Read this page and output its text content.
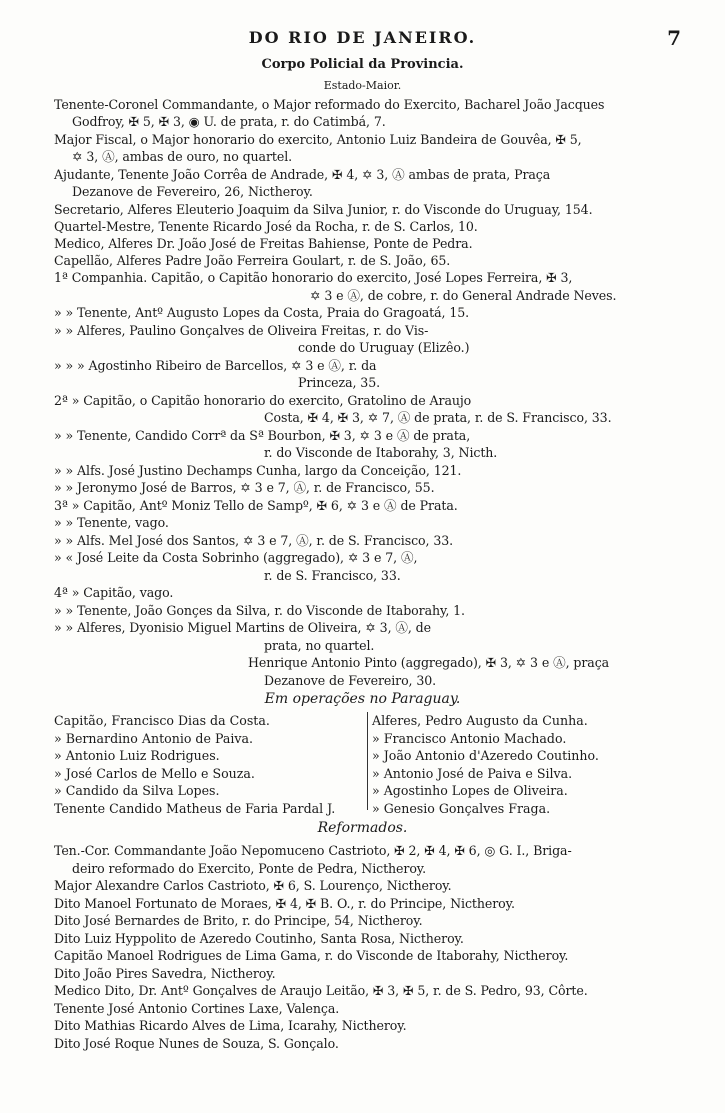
DO RIO DE JANEIRO.	7
Corpo Policial da Provincia.
Estado-Maior.
Tenente-Coronel Commandante, o Major reformado do Exercito, Bacharel João Jacques
Godfroy, ✠ 5, ✠ 3, ◉ U. de prata, r. do Catimbá, 7.
Major Fiscal, o Major honorario do exercito, Antonio Luiz Bandeira de Gouvêa, ✠ 5,
✡ 3, Ⓐ, ambas de ouro, no quartel.
Ajudante, Tenente João Corrêa de Andrade, ✠ 4, ✡ 3, Ⓐ ambas de prata, Praça
Dezanove de Fevereiro, 26, Nictheroy.
Secretario, Alferes Eleuterio Joaquim da Silva Junior, r. do Visconde do Uruguay, 154.
Quartel-Mestre, Tenente Ricardo José da Rocha, r. de S. Carlos, 10.
Medico, Alferes Dr. João José de Freitas Bahiense, Ponte de Pedra.
Capellão, Alferes Padre João Ferreira Goulart, r. de S. João, 65.
1ª Companhia. Capitão, o Capitão honorario do exercito, José Lopes Ferreira, ✠ 3,
✡ 3 e Ⓐ, de cobre, r. do General Andrade Neves.
» » Tenente, Antº Augusto Lopes da Costa, Praia do Gragoatá, 15.
» » Alferes, Paulino Gonçalves de Oliveira Freitas, r. do Vis-
conde do Uruguay (Elizêo.)
» » » Agostinho Ribeiro de Barcellos, ✡ 3 e Ⓐ, r. da
Princeza, 35.
2ª » Capitão, o Capitão honorario do exercito, Gratolino de Araujo
Costa, ✠ 4, ✠ 3, ✡ 7, Ⓐ de prata, r. de S. Francisco, 33.
» » Tenente, Candido Corrª da Sª Bourbon, ✠ 3, ✡ 3 e Ⓐ de prata,
r. do Visconde de Itaborahy, 3, Nicth.
» » Alfs. José Justino Dechamps Cunha, largo da Conceição, 121.
» » Jeronymo José de Barros, ✡ 3 e 7, Ⓐ, r. de Francisco, 55.
3ª » Capitão, Antº Moniz Tello de Sampº, ✠ 6, ✡ 3 e Ⓐ de Prata.
» » Tenente, vago.
» » Alfs. Mel José dos Santos, ✡ 3 e 7, Ⓐ, r. de S. Francisco, 33.
» « José Leite da Costa Sobrinho (aggregado), ✡ 3 e 7, Ⓐ,
r. de S. Francisco, 33.
4ª » Capitão, vago.
» » Tenente, João Gonçes da Silva, r. do Visconde de Itaborahy, 1.
» » Alferes, Dyonisio Miguel Martins de Oliveira, ✡ 3, Ⓐ, de
prata, no quartel.
Henrique Antonio Pinto (aggregado), ✠ 3, ✡ 3 e Ⓐ, praça
Dezanove de Fevereiro, 30.
Em operações no Paraguay.
Capitão, Francisco Dias da Costa.
» Bernardino Antonio de Paiva.
» Antonio Luiz Rodrigues.
» José Carlos de Mello e Souza.
» Candido da Silva Lopes.
Tenente Candido Matheus de Faria Pardal J.
Alferes, Pedro Augusto da Cunha.
» Francisco Antonio Machado.
» João Antonio d'Azeredo Coutinho.
» Antonio José de Paiva e Silva.
» Agostinho Lopes de Oliveira.
» Genesio Gonçalves Fraga.
Reformados.
Ten.-Cor. Commandante João Nepomuceno Castrioto, ✠ 2, ✠ 4, ✠ 6, ◎ G. I., Briga-
deiro reformado do Exercito, Ponte de Pedra, Nictheroy.
Major Alexandre Carlos Castrioto, ✠ 6, S. Lourenço, Nictheroy.
Dito Manoel Fortunato de Moraes, ✠ 4, ✠ B. O., r. do Principe, Nictheroy.
Dito José Bernardes de Brito, r. do Principe, 54, Nictheroy.
Dito Luiz Hyppolito de Azeredo Coutinho, Santa Rosa, Nictheroy.
Capitão Manoel Rodrigues de Lima Gama, r. do Visconde de Itaborahy, Nictheroy.
Dito João Pires Savedra, Nictheroy.
Medico Dito, Dr. Antº Gonçalves de Araujo Leitão, ✠ 3, ✠ 5, r. de S. Pedro, 93, Côrte.
Tenente José Antonio Cortines Laxe, Valença.
Dito Mathias Ricardo Alves de Lima, Icarahy, Nictheroy.
Dito José Roque Nunes de Souza, S. Gonçalo.
